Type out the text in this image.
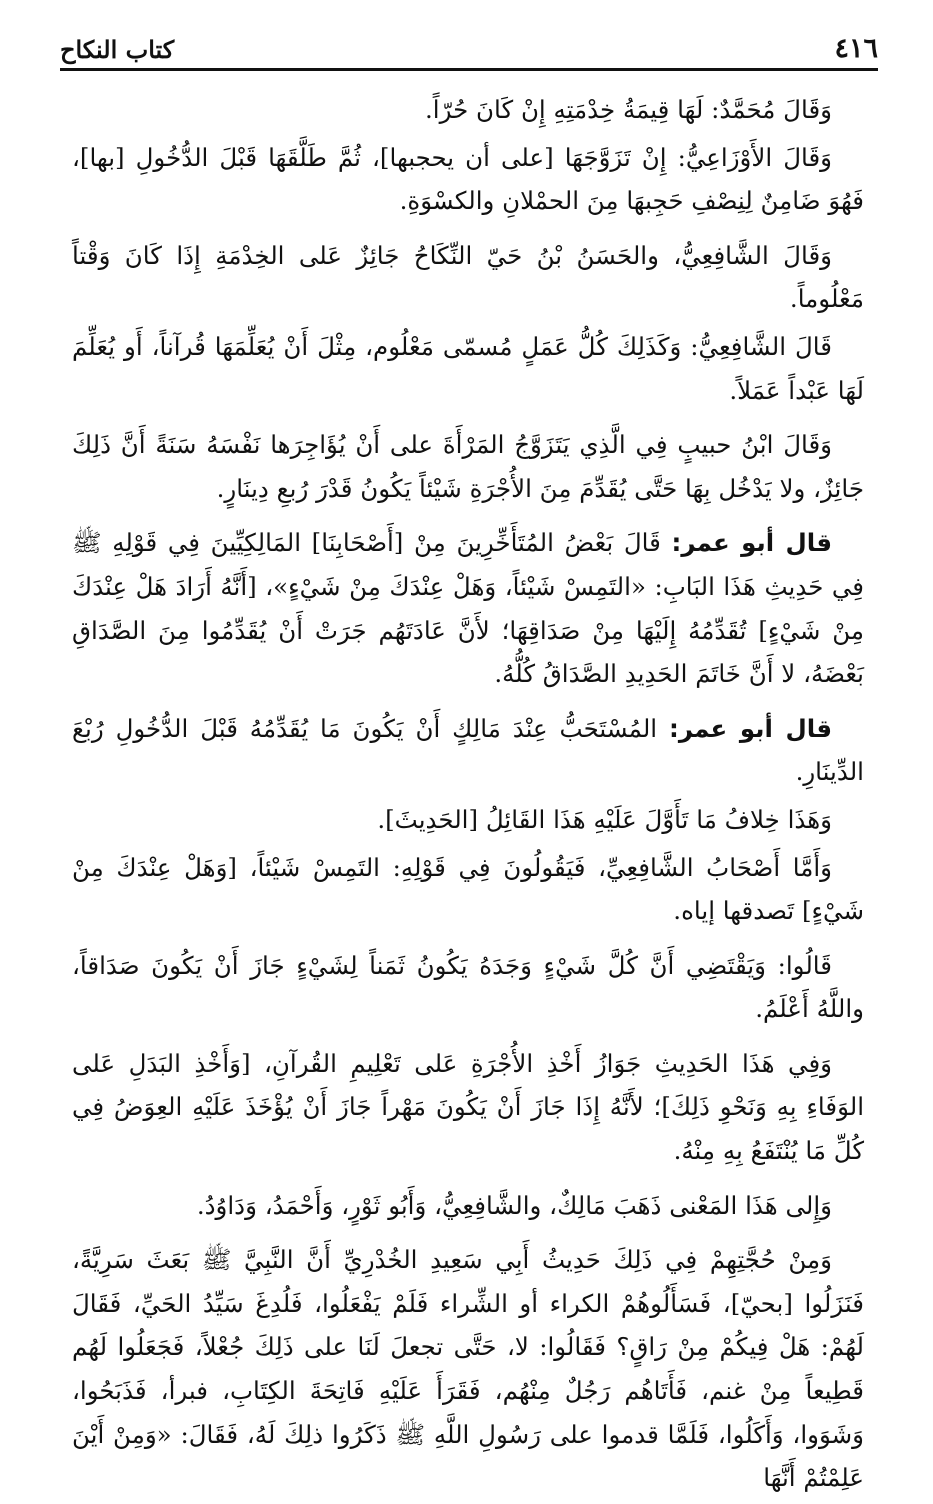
٤١٦
كتاب النكاح

وَقَالَ مُحَمَّدٌ: لَهَا قِيمَةُ خِدْمَتِهِ إِنْ كَانَ حُرّاً.

وَقَالَ الأَوْزَاعِيُّ: إِنْ تَزَوَّجَهَا [على أن يحجبها]، ثُمَّ طَلَّقَهَا قَبْلَ الدُّخُولِ [بها]، فَهُوَ ضَامِنٌ لِنِصْفِ حَجِبهَا مِنَ الحمْلانِ والكسْوَةِ.

وَقَالَ الشَّافِعِيُّ، والحَسَنُ بْنُ حَيّ النِّكَاحُ جَائِزٌ عَلى الخِدْمَةِ إِذَا كَانَ وَقْتاً مَعْلُوماً.

قَالَ الشَّافِعِيُّ: وَكَذَلِكَ كُلُّ عَمَلٍ مُسمّى مَعْلُوم، مِثْلَ أَنْ يُعَلِّمَهَا قُرآناً، أَو يُعَلِّمَ لَهَا عَبْداً عَمَلاً.

وَقَالَ ابْنُ حبيبٍ فِي الَّذِي يَتَزَوَّجُ المَرْأَةَ على أَنْ يُؤَاجِرَها نَفْسَهُ سَنَةً أَنَّ ذَلِكَ جَائِزٌ، ولا يَدْخُل بِهَا حَتَّى يُقَدِّمَ مِنَ الأُجْرَةِ شَيْئاً يَكُونُ قَدْرَ رُبعِ دِينَارٍ.

قال أبو عمر: قَالَ بَعْضُ المُتَأَخِّرِينَ مِنْ [أَصْحَابِنَا] المَالِكِيِّينَ فِي قَوْلِهِ ﷺ فِي حَدِيثِ هَذَا البَابِ: «التَمِسْ شَيْئاً، وَهَلْ عِنْدَكَ مِنْ شَيْءٍ»، [أَنَّهُ أَرَادَ هَلْ عِنْدَكَ مِنْ شَيْءٍ] تُقَدِّمُهُ إِلَيْهَا مِنْ صَدَاقِهَا؛ لأَنَّ عَادَتَهُم جَرَتْ أَنْ يُقَدِّمُوا مِنَ الصَّدَاقِ بَعْضَهُ، لا أَنَّ خَاتَمَ الحَدِيدِ الصَّدَاقُ كُلُّهُ.

قال أبو عمر: المُسْتَحَبُّ عِنْدَ مَالِكٍ أَنْ يَكُونَ مَا يُقَدِّمُهُ قَبْلَ الدُّخُولِ رُبْعَ الدِّينَارِ.

وَهَذَا خِلافُ مَا تَأَوَّلَ عَلَيْهِ هَذَا القَائِلُ [الحَدِيثَ].

وَأَمَّا أَصْحَابُ الشَّافِعِيِّ، فَيَقُولُونَ فِي قَوْلِهِ: التَمِسْ شَيْئاً، [وَهَلْ عِنْدَكَ مِنْ شَيْءٍ] تَصدقها إياه.

قَالُوا: وَيَقْتَضِي أَنَّ كُلَّ شَيْءٍ وَجَدَهُ يَكُونُ ثَمَناً لِشَيْءٍ جَازَ أَنْ يَكُونَ صَدَاقاً، واللَّهُ أَعْلَمُ.

وَفِي هَذَا الحَدِيثِ جَوَازُ أَخْذِ الأُجْرَةِ عَلى تَعْلِيمِ القُرآنِ، [وَأَخْذِ البَدَلِ عَلى الوَفَاءِ بِهِ وَنَحْوِ ذَلِكَ]؛ لأَنَّهُ إِذَا جَازَ أَنْ يَكُونَ مَهْراً جَازَ أَنْ يُؤْخَذَ عَلَيْهِ العِوَضُ فِي كُلِّ مَا يُنْتَفَعُ بِهِ مِنْهُ.

وَإِلى هَذَا المَعْنى ذَهَبَ مَالِكٌ، والشَّافِعِيُّ، وَأَبُو ثَوْرٍ، وَأَحْمَدُ، وَدَاوُدُ.

وَمِنْ حُجَّتِهِمْ فِي ذَلِكَ حَدِيثُ أَبِي سَعِيدِ الخُدْرِيِّ أَنَّ النَّبِيَّ ﷺ بَعَثَ سَرِيَّةً، فَنَزَلُوا [بحيّ]، فَسَأَلُوهُمْ الكراء أو الشِّراء فَلَمْ يَفْعَلُوا، فَلُدِغَ سَيِّدُ الحَيِّ، فَقَالَ لَهُمْ: هَلْ فِيكُمْ مِنْ رَاقٍ؟ فَقَالُوا: لا، حَتَّى تجعلَ لَنَا على ذَلِكَ جُعْلاً، فَجَعَلُوا لَهُم قَطِيعاً مِنْ غنم، فَأَتَاهُم رَجُلٌ مِنْهُم، فَقَرَأَ عَلَيْهِ فَاتِحَةَ الكِتَابِ، فبرأ، فَذَبَحُوا، وَشَوَوا، وَأَكَلُوا، فَلَمَّا قدموا على رَسُولِ اللَّهِ ﷺ ذَكَرُوا ذلِكَ لَهُ، فَقَالَ: «وَمِنْ أَيْنَ عَلِمْتُمْ أَنَّهَا
